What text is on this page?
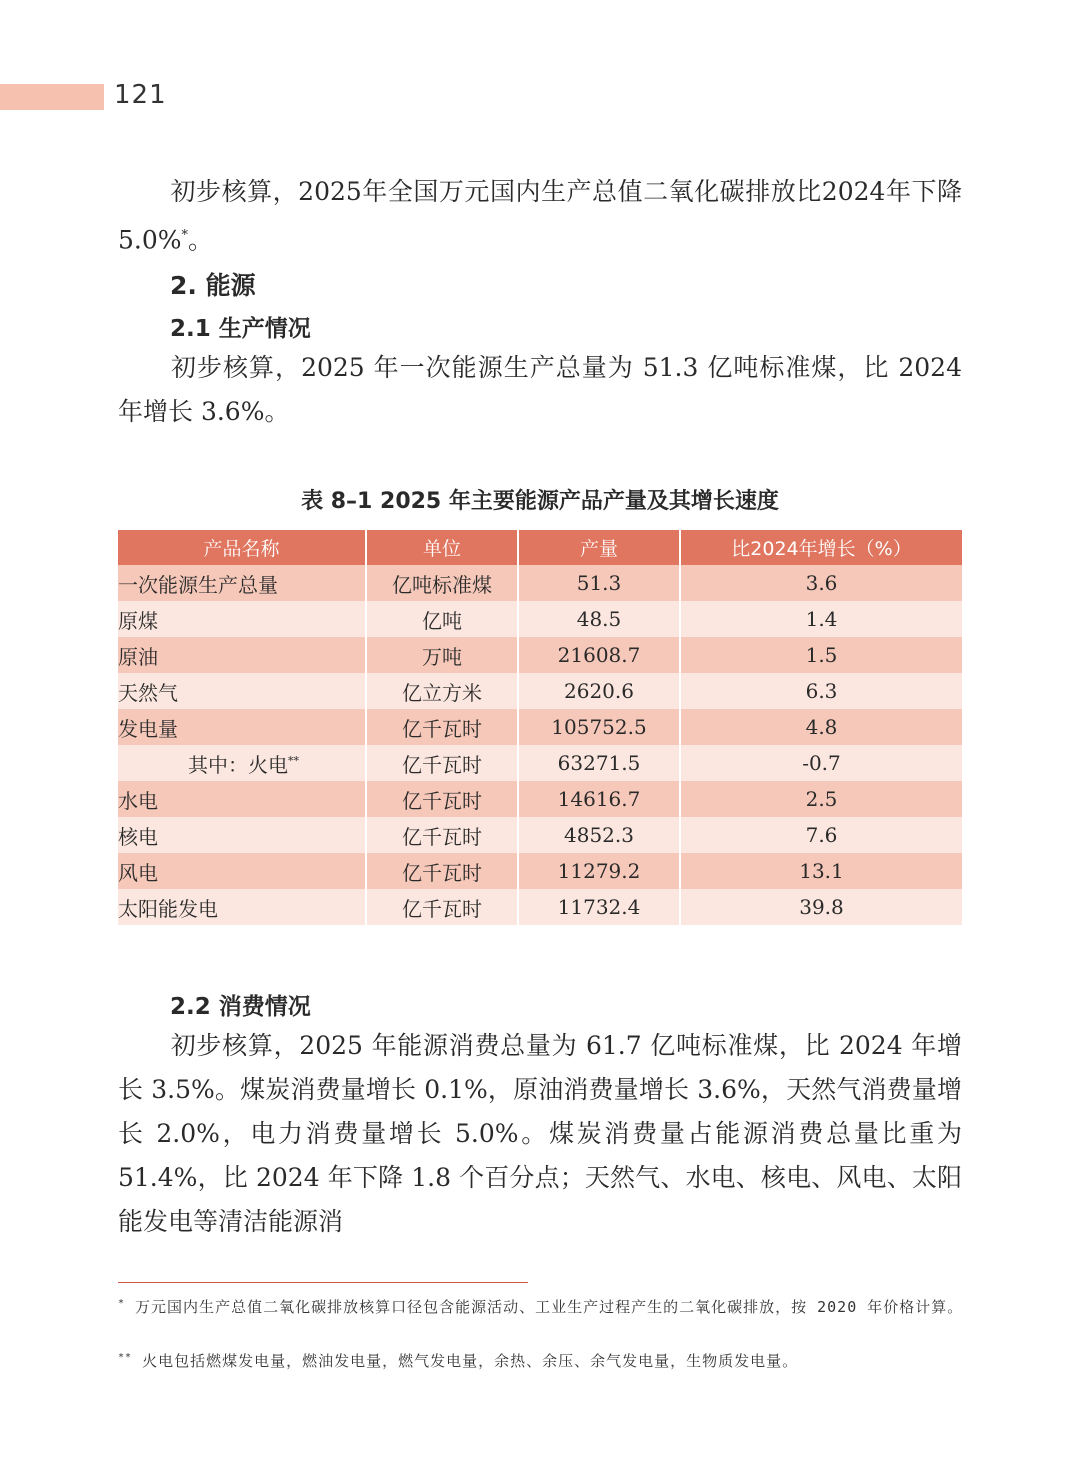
121

初步核算，2025年全国万元国内生产总值二氧化碳排放比2024年下降5.0%*。

2. 能源
2.1 生产情况

初步核算，2025 年一次能源生产总量为 51.3 亿吨标准煤，比 2024 年增长 3.6%。

表 8–1 2025 年主要能源产品产量及其增长速度
产品名称	单位	产量	比2024年增长（%）
一次能源生产总量	亿吨标准煤	51.3	3.6
原煤	亿吨	48.5	1.4
原油	万吨	21608.7	1.5
天然气	亿立方米	2620.6	6.3
发电量	亿千瓦时	105752.5	4.8
其中：火电**	亿千瓦时	63271.5	-0.7
水电	亿千瓦时	14616.7	2.5
核电	亿千瓦时	4852.3	7.6
风电	亿千瓦时	11279.2	13.1
太阳能发电	亿千瓦时	11732.4	39.8
2.2 消费情况

初步核算，2025 年能源消费总量为 61.7 亿吨标准煤，比 2024 年增长 3.5%。煤炭消费量增长 0.1%，原油消费量增长 3.6%，天然气消费量增长 2.0%，电力消费量增长 5.0%。煤炭消费量占能源消费总量比重为 51.4%，比 2024 年下降 1.8 个百分点；天然气、水电、核电、风电、太阳能发电等清洁能源消

* 万元国内生产总值二氧化碳排放核算口径包含能源活动、工业生产过程产生的二氧化碳排放，按 2020 年价格计算。

** 火电包括燃煤发电量，燃油发电量，燃气发电量，余热、余压、余气发电量，生物质发电量。
